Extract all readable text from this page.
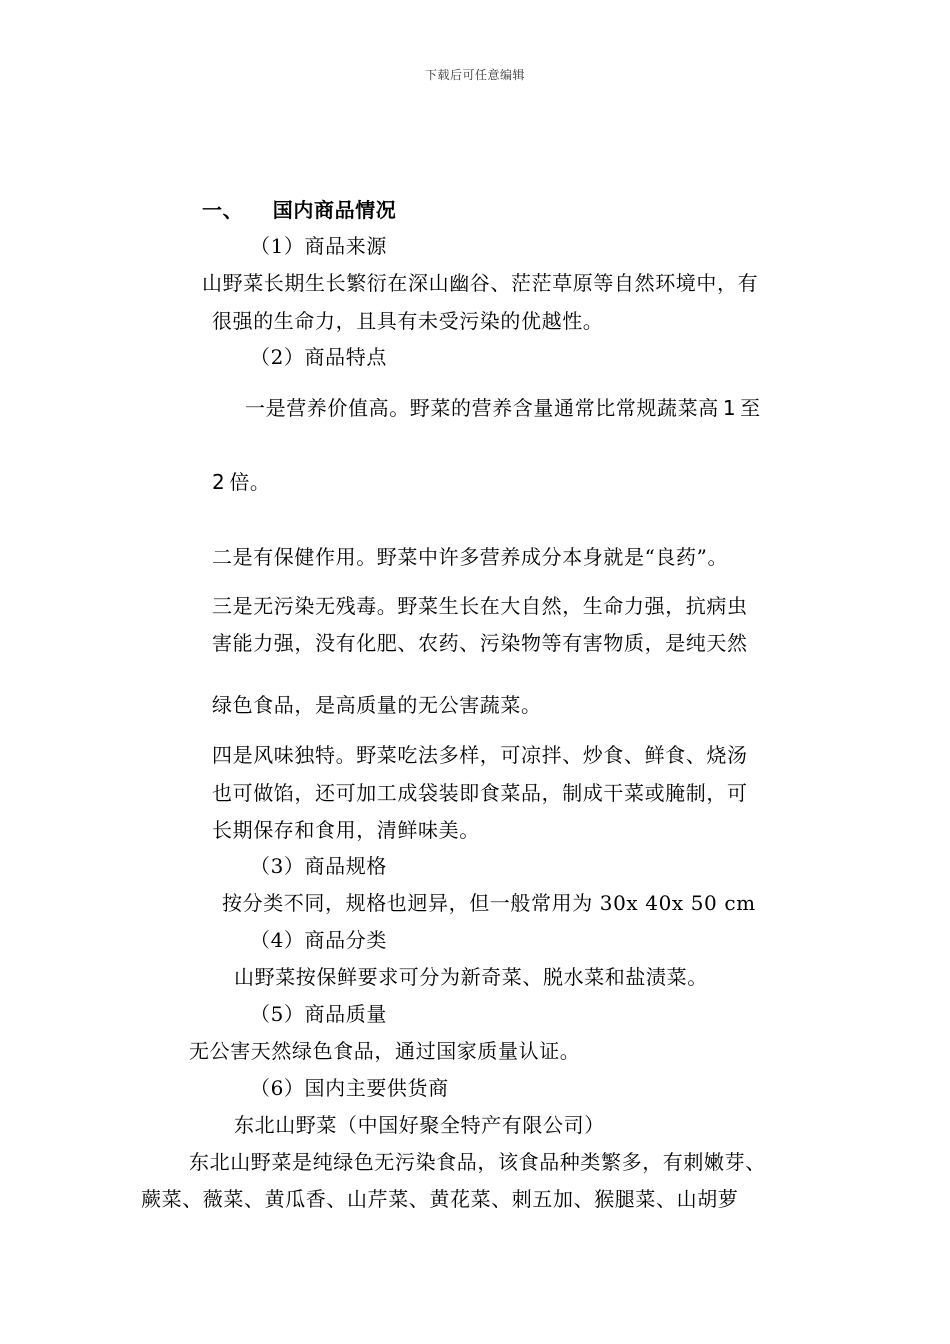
下载后可任意编辑
一、 国内商品情况
（1）商品来源
山野菜长期生长繁衍在深山幽谷、茫茫草原等自然环境中，有
很强的生命力，且具有未受污染的优越性。
（2）商品特点
一是营养价值高。野菜的营养含量通常比常规蔬菜高 1 至
2 倍。
二是有保健作用。野菜中许多营养成分本身就是“良药”。
三是无污染无残毒。野菜生长在大自然，生命力强，抗病虫
害能力强，没有化肥、农药、污染物等有害物质，是纯天然
绿色食品，是高质量的无公害蔬菜。
四是风味独特。野菜吃法多样，可凉拌、炒食、鲜食、烧汤
也可做馅，还可加工成袋装即食菜品，制成干菜或腌制，可
长期保存和食用，清鲜味美。
（3）商品规格
按分类不同，规格也迥异，但一般常用为 30x 40x 50 cm
（4）商品分类
山野菜按保鲜要求可分为新奇菜、脱水菜和盐渍菜。
（5）商品质量
无公害天然绿色食品，通过国家质量认证。
（6）国内主要供货商
东北山野菜（中国好聚全特产有限公司）
东北山野菜是纯绿色无污染食品，该食品种类繁多，有刺嫩芽、
蕨菜、薇菜、黄瓜香、山芹菜、黄花菜、刺五加、猴腿菜、山胡萝
